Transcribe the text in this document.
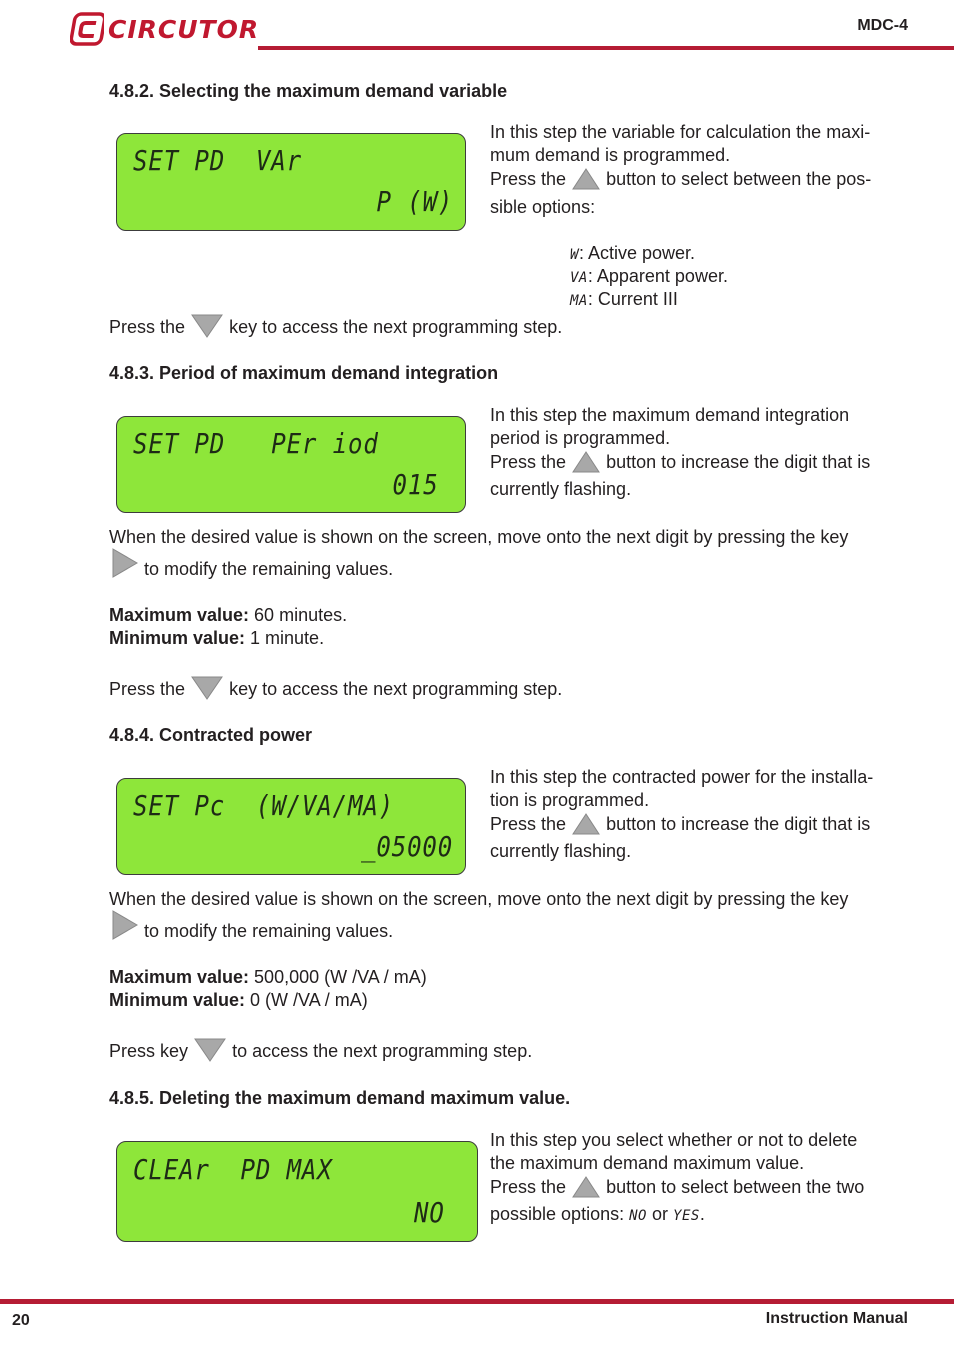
CIRCUTOR	MDC-4
4.8.2. Selecting the maximum demand variable
SET PD  VAr
P (W)
In this step the variable for calculation the maxi-
mum demand is programmed.
Press the button to select between the pos-
sible options:
W: Active power.
VA: Apparent power.
MA: Current III
Press the key to access the next programming step.
4.8.3. Period of maximum demand integration
SET PD   PEr iod
015
In this step the maximum demand integration
period is programmed.
Press the button to increase the digit that is
currently flashing.
When the desired value is shown on the screen, move onto the next digit by pressing the key
to modify the remaining values.
Maximum value: 60 minutes.
Minimum value: 1 minute.
Press the key to access the next programming step.
4.8.4. Contracted power
SET Pc  (W/VA/MA)
_05000
In this step the contracted power for the installa-
tion is programmed.
Press the button to increase the digit that is
currently flashing.
When the desired value is shown on the screen, move onto the next digit by pressing the key
to modify the remaining values.
Maximum value: 500,000 (W /VA / mA)
Minimum value: 0 (W /VA / mA)
Press key to access the next programming step.
4.8.5. Deleting the maximum demand maximum value.
CLEAr  PD MAX
NO
In this step you select whether or not to delete
the maximum demand maximum value.
Press the button to select between the two
possible options: NO or YES.
20	Instruction Manual
